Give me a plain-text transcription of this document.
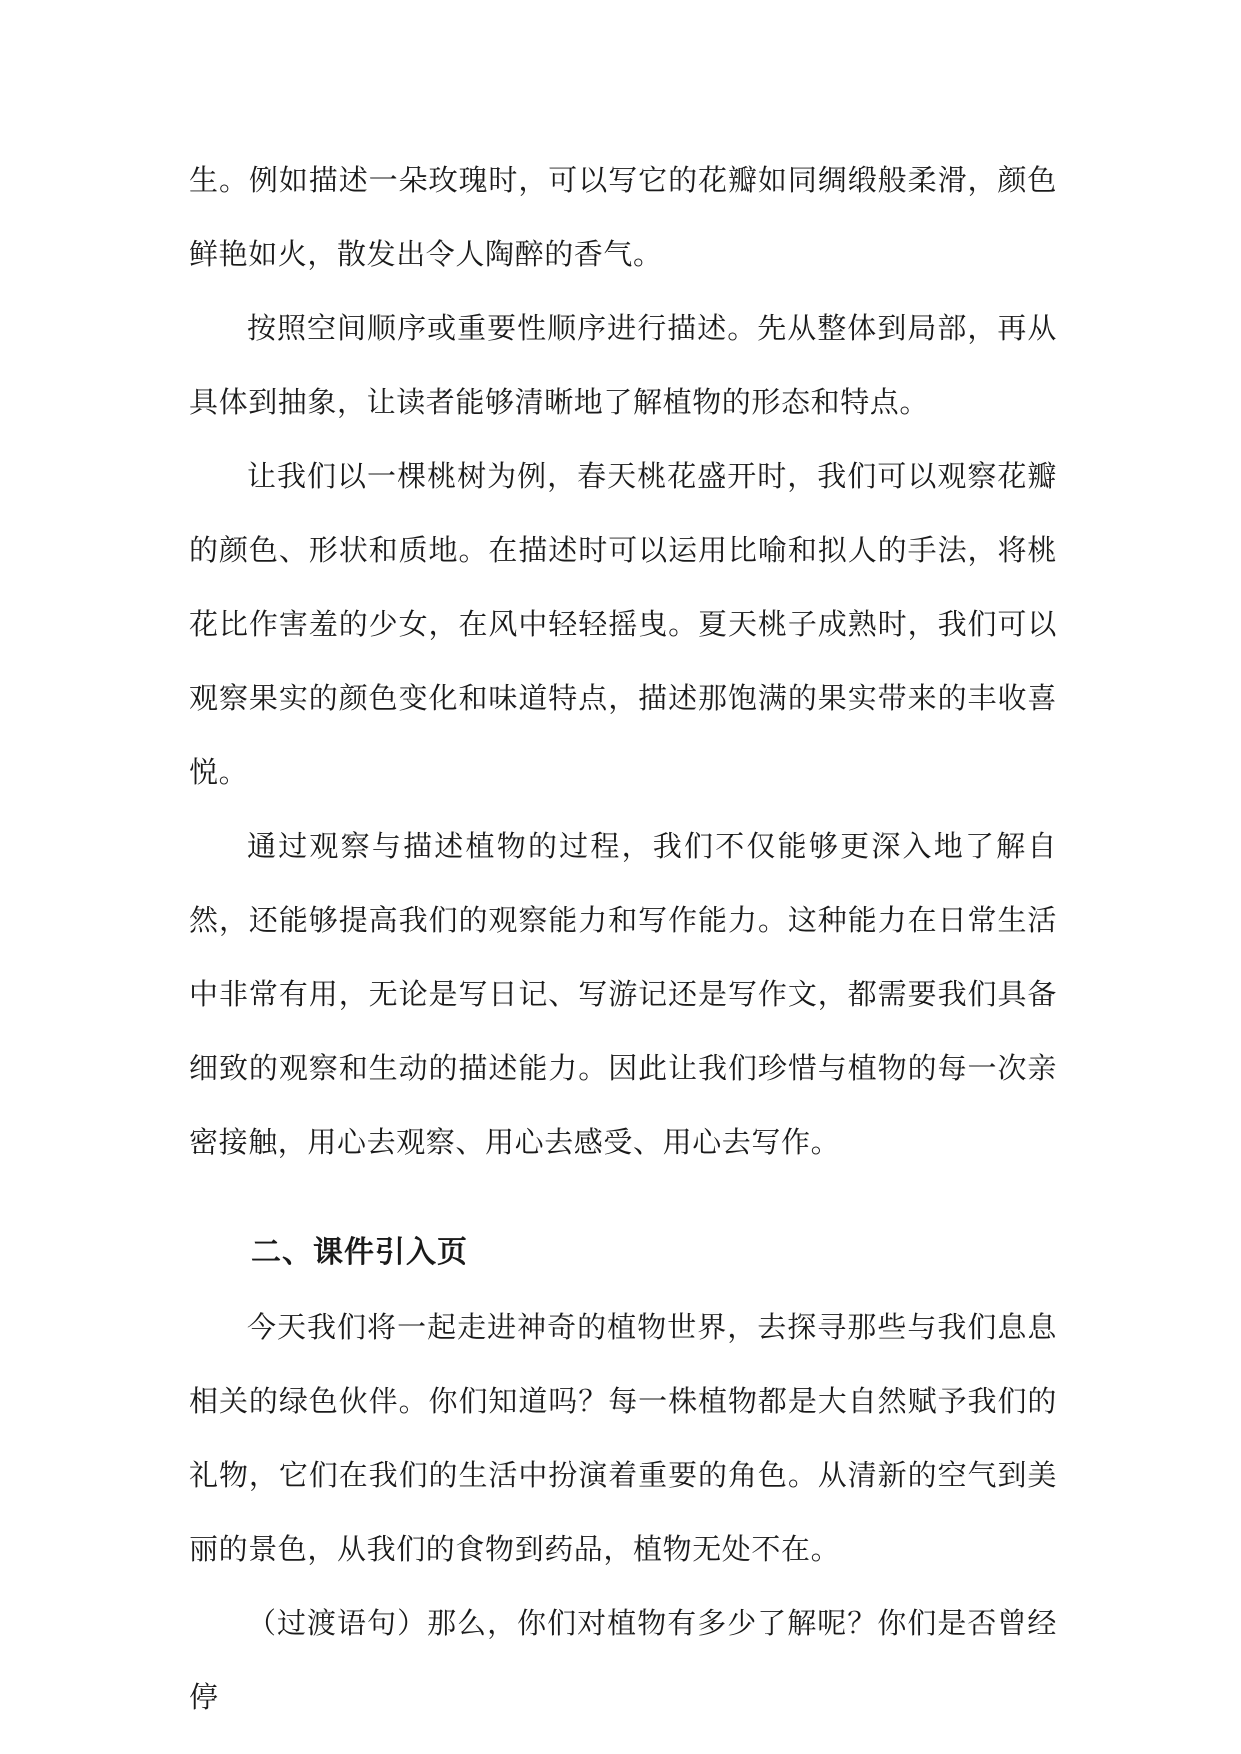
生。例如描述一朵玫瑰时，可以写它的花瓣如同绸缎般柔滑，颜色鲜艳如火，散发出令人陶醉的香气。

按照空间顺序或重要性顺序进行描述。先从整体到局部，再从具体到抽象，让读者能够清晰地了解植物的形态和特点。

让我们以一棵桃树为例，春天桃花盛开时，我们可以观察花瓣的颜色、形状和质地。在描述时可以运用比喻和拟人的手法，将桃花比作害羞的少女，在风中轻轻摇曳。夏天桃子成熟时，我们可以观察果实的颜色变化和味道特点，描述那饱满的果实带来的丰收喜悦。

通过观察与描述植物的过程，我们不仅能够更深入地了解自然，还能够提高我们的观察能力和写作能力。这种能力在日常生活中非常有用，无论是写日记、写游记还是写作文，都需要我们具备细致的观察和生动的描述能力。因此让我们珍惜与植物的每一次亲密接触，用心去观察、用心去感受、用心去写作。

二、课件引入页

今天我们将一起走进神奇的植物世界，去探寻那些与我们息息相关的绿色伙伴。你们知道吗？每一株植物都是大自然赋予我们的礼物，它们在我们的生活中扮演着重要的角色。从清新的空气到美丽的景色，从我们的食物到药品，植物无处不在。

（过渡语句）那么，你们对植物有多少了解呢？你们是否曾经停
